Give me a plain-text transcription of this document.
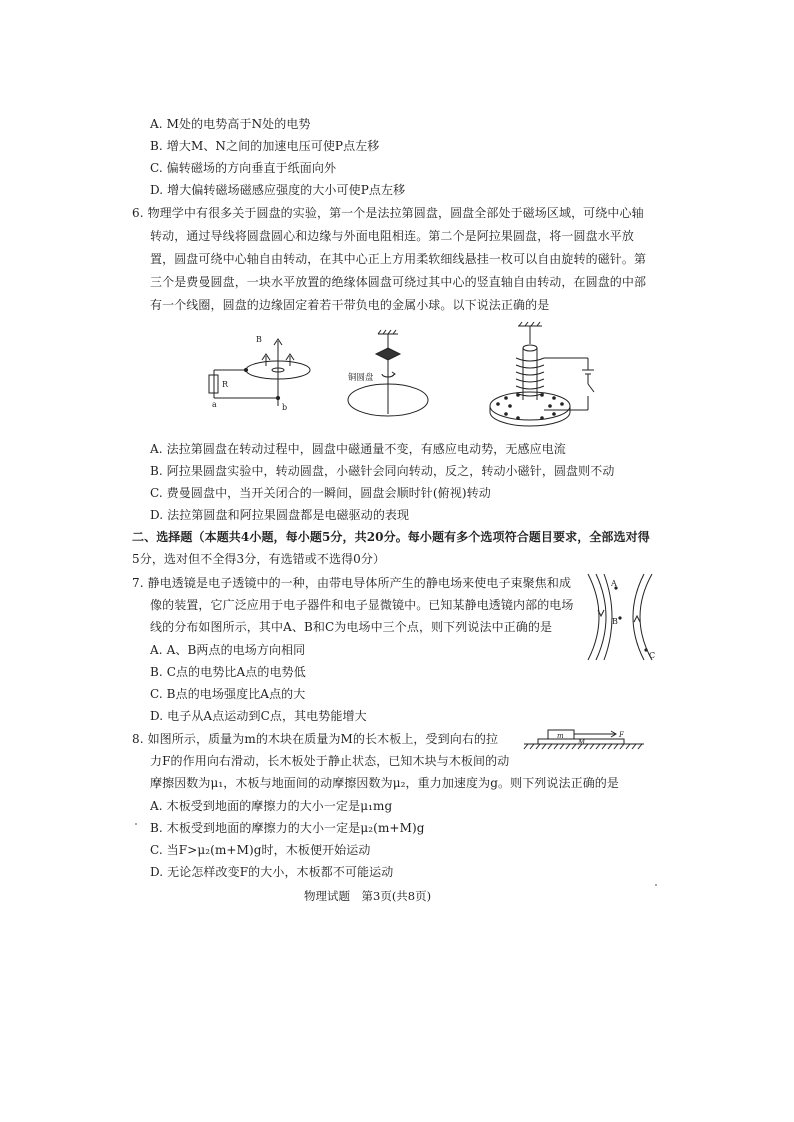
A. M处的电势高于N处的电势
B. 增大M、N之间的加速电压可使P点左移
C. 偏转磁场的方向垂直于纸面向外
D. 增大偏转磁场磁感应强度的大小可使P点左移
6. 物理学中有很多关于圆盘的实验，第一个是法拉第圆盘，圆盘全部处于磁场区域，可绕中心轴
转动，通过导线将圆盘圆心和边缘与外面电阻相连。第二个是阿拉果圆盘，将一圆盘水平放
置，圆盘可绕中心轴自由转动，在其中心正上方用柔软细线悬挂一枚可以自由旋转的磁针。第
三个是费曼圆盘，一块水平放置的绝缘体圆盘可绕过其中心的竖直轴自由转动，在圆盘的中部
有一个线圈，圆盘的边缘固定着若干带负电的金属小球。以下说法正确的是
B
R
a	b
铜圆盘
A. 法拉第圆盘在转动过程中，圆盘中磁通量不变，有感应电动势，无感应电流
B. 阿拉果圆盘实验中，转动圆盘，小磁针会同向转动，反之，转动小磁针，圆盘则不动
C. 费曼圆盘中，当开关闭合的一瞬间，圆盘会顺时针(俯视)转动
D. 法拉第圆盘和阿拉果圆盘都是电磁驱动的表现
二、选择题（本题共4小题，每小题5分，共20分。每小题有多个选项符合题目要求，全部选对得
5分，选对但不全得3分，有选错或不选得0分）
7. 静电透镜是电子透镜中的一种，由带电导体所产生的静电场来使电子束聚焦和成
像的装置，它广泛应用于电子器件和电子显微镜中。已知某静电透镜内部的电场
线的分布如图所示，其中A、B和C为电场中三个点，则下列说法中正确的是
A
B
C
A. A、B两点的电场方向相同
B. C点的电势比A点的电势低
C. B点的电场强度比A点的大
D. 电子从A点运动到C点，其电势能增大
8. 如图所示，质量为m的木块在质量为M的长木板上，受到向右的拉
力F的作用向右滑动，长木板处于静止状态，已知木块与木板间的动
摩擦因数为μ₁，木板与地面间的动摩擦因数为μ₂，重力加速度为g。则下列说法正确的是
m
M
F
A. 木板受到地面的摩擦力的大小一定是μ₁mg
B. 木板受到地面的摩擦力的大小一定是μ₂(m+M)g
C. 当F>μ₂(m+M)g时，木板便开始运动
D. 无论怎样改变F的大小，木板都不可能运动
物理试题　第3页(共8页)
